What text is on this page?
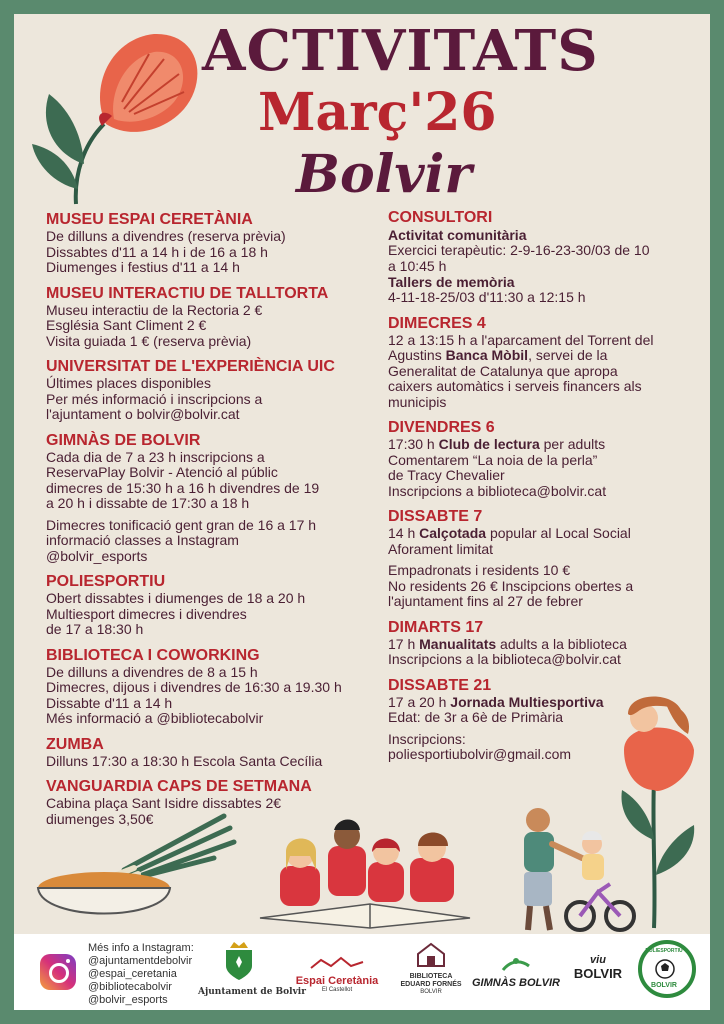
ACTIVITATS
Març'26
Bolvir
MUSEU ESPAI CERETÀNIA
De dilluns a divendres (reserva prèvia)
Dissabtes d'11 a 14 h i de 16 a 18 h
Diumenges i festius d'11 a 14 h
MUSEU INTERACTIU DE TALLTORTA
Museu interactiu de la Rectoria 2 €
Església Sant Climent 2 €
Visita guiada 1 € (reserva prèvia)
UNIVERSITAT DE L'EXPERIÈNCIA UIC
Últimes places disponibles
Per més informació i inscripcions a
l'ajuntament o bolvir@bolvir.cat
GIMNÀS DE BOLVIR
Cada dia de 7 a 23 h inscripcions a
ReservaPlay Bolvir - Atenció al públic
dimecres de 15:30 h a 16 h divendres de 19
a 20 h i dissabte de 17:30 a 18 h
Dimecres tonificació gent gran de 16 a 17 h
informació classes a Instagram
@bolvir_esports
POLIESPORTIU
Obert dissabtes i diumenges de 18 a 20 h
Multiesport dimecres i divendres
de 17 a 18:30 h
BIBLIOTECA I COWORKING
De dilluns a divendres de 8 a 15 h
Dimecres, dijous i divendres de 16:30 a 19.30 h
Dissabte d'11 a 14 h
Més informació a @bibliotecabolvir
ZUMBA
Dilluns 17:30 a 18:30 h Escola Santa Cecília
VANGUARDIA CAPS DE SETMANA
Cabina plaça Sant Isidre dissabtes 2€
diumenges 3,50€
CONSULTORI
Activitat comunitària
Exercici terapèutic: 2-9-16-23-30/03 de 10
a 10:45 h
Tallers de memòria
4-11-18-25/03 d'11:30 a 12:15 h
DIMECRES 4
12 a 13:15 h a l'aparcament del Torrent del
Agustins Banca Mòbil, servei de la
Generalitat de Catalunya que apropa
caixers automàtics i serveis financers als
municipis
DIVENDRES 6
17:30 h Club de lectura per adults
Comentarem “La noia de la perla”
de Tracy Chevalier
Inscripcions a biblioteca@bolvir.cat
DISSABTE 7
14 h Calçotada popular al Local Social
Aforament limitat
Empadronats i residents 10 €
No residents 26 € Inscipcions obertes a
l'ajuntament fins al 27 de febrer
DIMARTS 17
17 h Manualitats adults a la biblioteca
Inscripcions a la biblioteca@bolvir.cat
DISSABTE 21
17 a 20 h Jornada Multiesportiva
Edat: de 3r a 6è de Primària
Inscripcions:
poliesportiubolvir@gmail.com
Més info a Instagram:
@ajuntamentdebolvir
@espai_ceretania
@bibliotecabolvir
@bolvir_esports
Ajuntament de Bolvir
Espai Ceretània
El Castellot
BIBLIOTECA
EDUARD FORNÉS
BOLVIR
GIMNÀS BOLVIR
viu
BOLVIR
POLIESPORTIU
BOLVIR
